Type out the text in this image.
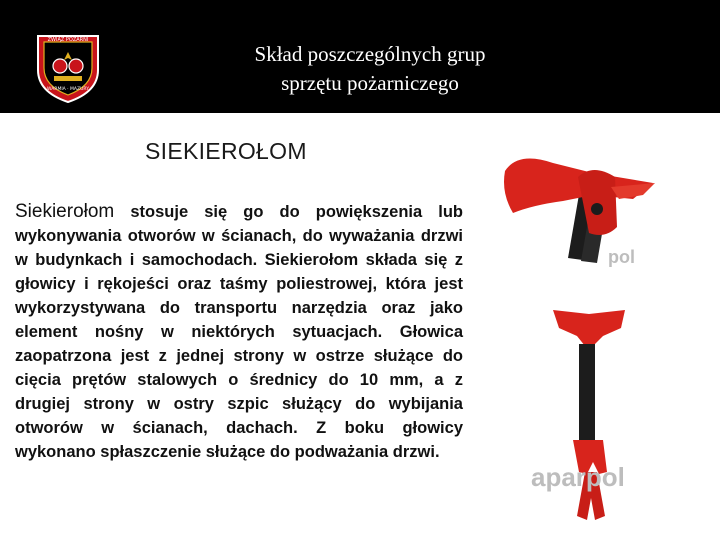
ZWIĄZ POŻARNI
WARMIA · MAZURY
Skład poszczególnych grup
sprzętu pożarniczego
SIEKIEROŁOM
Siekierołom stosuje się go do powiększenia lub wykonywania otworów w ścianach, do wyważania drzwi w budynkach i samochodach. Siekierołom składa się z głowicy i rękojeści oraz taśmy poliestrowej, która jest wykorzystywana do transportu narzędzia oraz jako element nośny w niektórych sytuacjach. Głowica zaopatrzona jest z jednej strony w ostrze służące do cięcia prętów stalowych o średnicy do 10 mm, a z drugiej strony w ostry szpic służący do wybijania otworów w ścianach, dachach. Z boku głowicy wykonano spłaszczenie służące do podważania drzwi.
pol
aparpol
